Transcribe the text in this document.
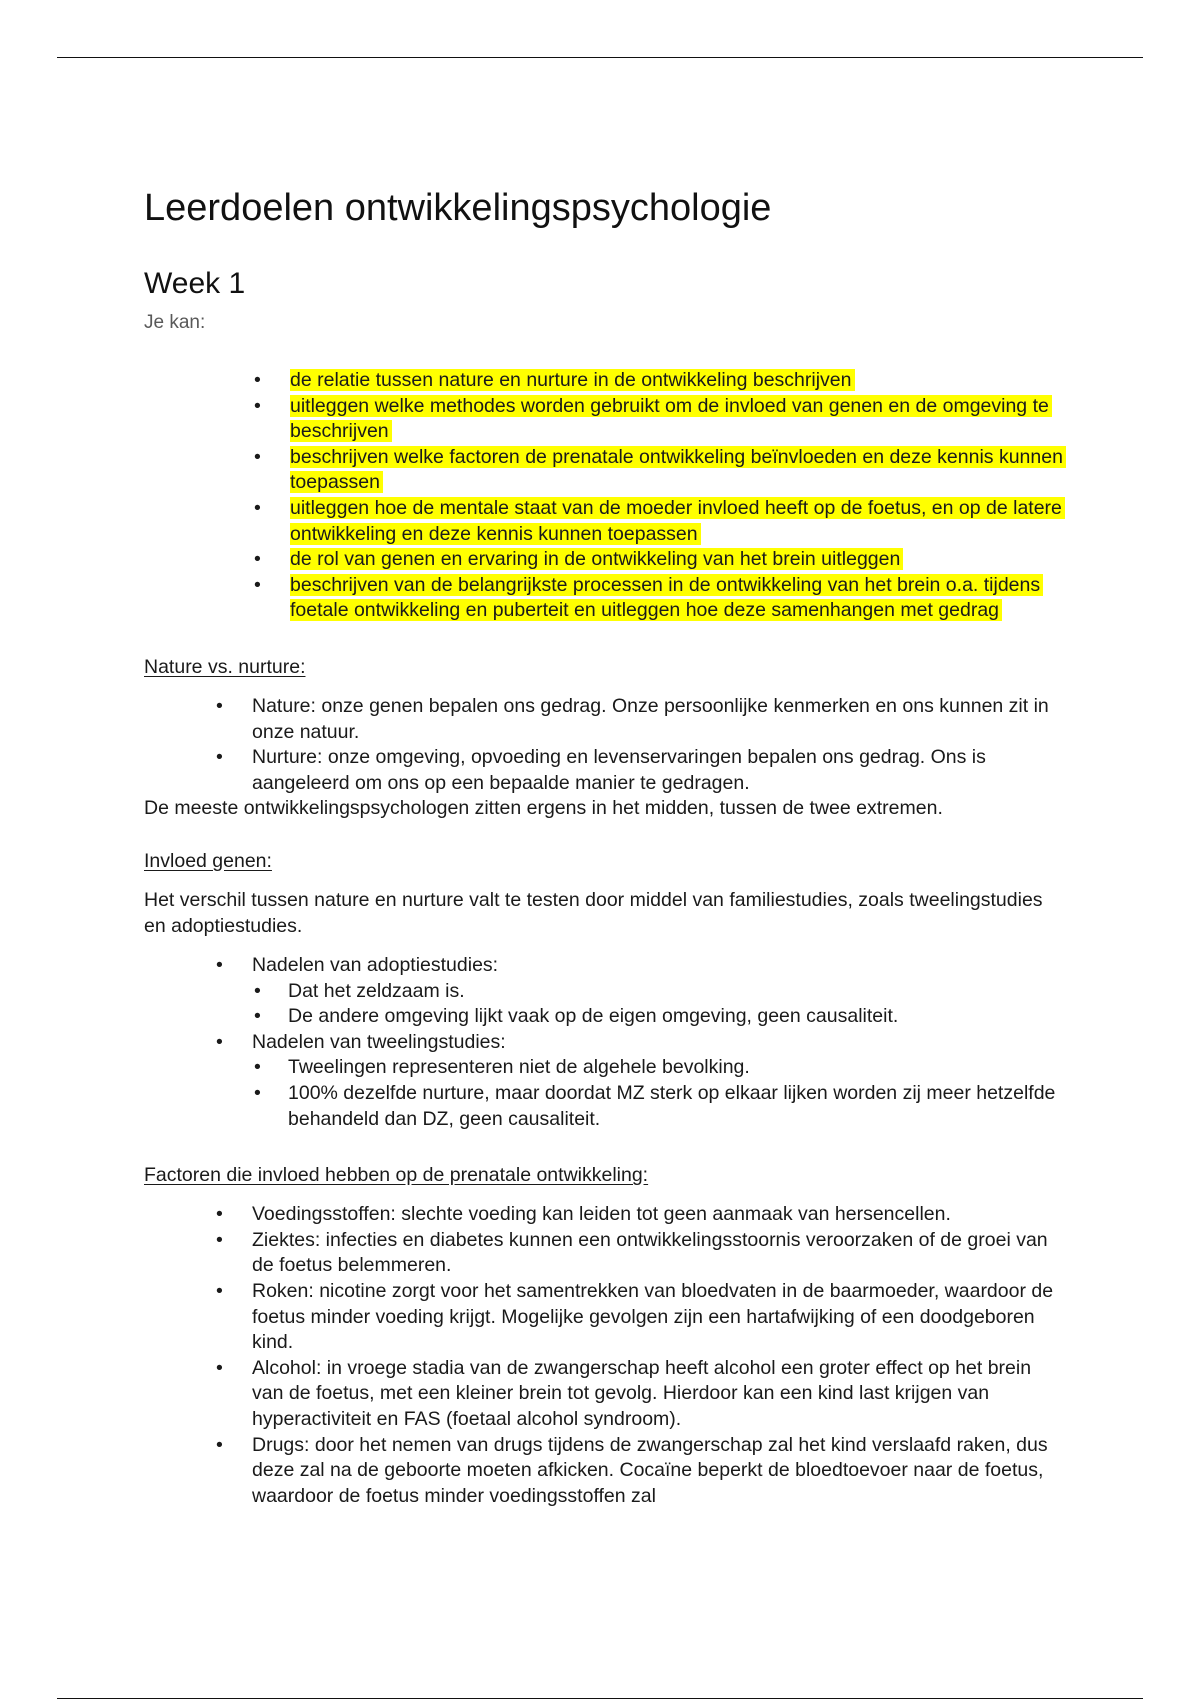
Leerdoelen ontwikkelingspsychologie
Week 1

Je kan:

• de relatie tussen nature en nurture in de ontwikkeling beschrijven
• uitleggen welke methodes worden gebruikt om de invloed van genen en de omgeving te beschrijven
• beschrijven welke factoren de prenatale ontwikkeling beïnvloeden en deze kennis kunnen toepassen
• uitleggen hoe de mentale staat van de moeder invloed heeft op de foetus, en op de latere ontwikkeling en deze kennis kunnen toepassen
• de rol van genen en ervaring in de ontwikkeling van het brein uitleggen
• beschrijven van de belangrijkste processen in de ontwikkeling van het brein o.a. tijdens foetale ontwikkeling en puberteit en uitleggen hoe deze samenhangen met gedrag
Nature vs. nurture:
• Nature: onze genen bepalen ons gedrag. Onze persoonlijke kenmerken en ons kunnen zit in onze natuur.
• Nurture: onze omgeving, opvoeding en levenservaringen bepalen ons gedrag. Ons is aangeleerd om ons op een bepaalde manier te gedragen.

De meeste ontwikkelingspsychologen zitten ergens in het midden, tussen de twee extremen.

Invloed genen:

Het verschil tussen nature en nurture valt te testen door middel van familiestudies, zoals tweelingstudies en adoptiestudies.

• Nadelen van adoptiestudies:
• Dat het zeldzaam is.
• De andere omgeving lijkt vaak op de eigen omgeving, geen causaliteit.
• Nadelen van tweelingstudies:
• Tweelingen representeren niet de algehele bevolking.
• 100% dezelfde nurture, maar doordat MZ sterk op elkaar lijken worden zij meer hetzelfde behandeld dan DZ, geen causaliteit.
Factoren die invloed hebben op de prenatale ontwikkeling:
• Voedingsstoffen: slechte voeding kan leiden tot geen aanmaak van hersencellen.
• Ziektes: infecties en diabetes kunnen een ontwikkelingsstoornis veroorzaken of de groei van de foetus belemmeren.
• Roken: nicotine zorgt voor het samentrekken van bloedvaten in de baarmoeder, waardoor de foetus minder voeding krijgt. Mogelijke gevolgen zijn een hartafwijking of een doodgeboren kind.
• Alcohol: in vroege stadia van de zwangerschap heeft alcohol een groter effect op het brein van de foetus, met een kleiner brein tot gevolg. Hierdoor kan een kind last krijgen van hyperactiviteit en FAS (foetaal alcohol syndroom).
• Drugs: door het nemen van drugs tijdens de zwangerschap zal het kind verslaafd raken, dus deze zal na de geboorte moeten afkicken. Cocaïne beperkt de bloedtoevoer naar de foetus, waardoor de foetus minder voedingsstoffen zal
